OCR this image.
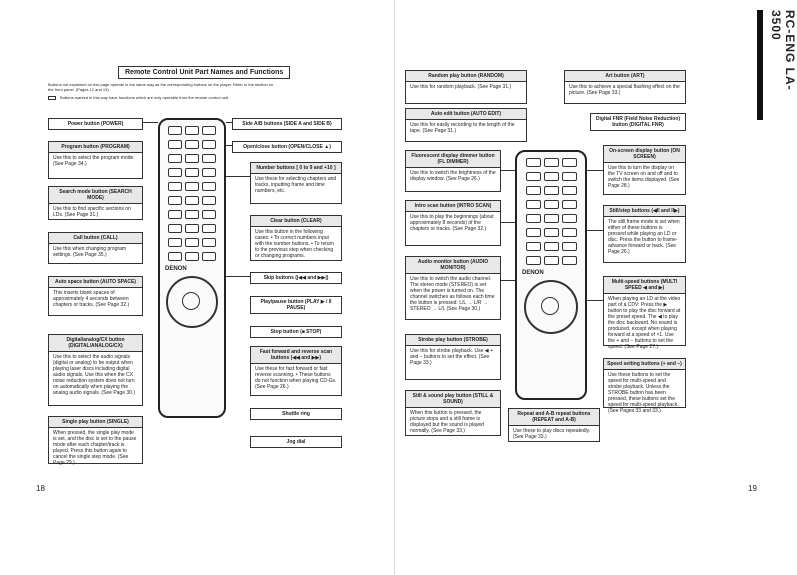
Remote Control Unit Part Names and Functions
Buttons not explained on this page operate in the same way as the corresponding buttons on the player. Refer to the section on the front panel. (Pages 12 and 13)
Buttons marked in this way have functions which are only operable from the remote control unit.
DENON
Power button (POWER)
Program button (PROGRAM)
Use this to select the program mode. (See Page 34.)
Search mode button (SEARCH MODE)
Use this to find specific sections on LDs. (See Page 31.)
Call button (CALL)
Use this when changing program settings. (See Page 35.)
Auto space button (AUTO SPACE)
This inserts blank spaces of approximately 4 seconds between chapters or tracks. (See Page 32.)
Digital/analog/CX button (DIGITAL/ANALOG/CX)
Use this to select the audio signals (digital or analog) to be output when playing laser discs including digital audio signals. Use this when the CX noise reduction system does not turn on automatically when playing the analog audio signals. (See Page 30.)
Single play button (SINGLE)
When pressed, the single play mode is set, and the disc is set to the pause mode after each chapter/track is played. Press this button again to cancel the single step mode. (See Page 29.)
Side A/B buttons (SIDE A and SIDE B)
Open/close button (OPEN/CLOSE ▲)
Number buttons [ 0 to 9 and +10 ]
Use these for selecting chapters and tracks, inputting frame and time numbers, etc.
Clear button (CLEAR)
Use this button in the following cases: • To correct numbers input with the number buttons. • To return to the previous step when checking or changing programs.
Skip buttons (|◀◀ and ▶▶|)
Play/pause button (PLAY ▶ / II PAUSE)
Stop button (■ STOP)
Fast forward and reverse scan buttons (◀◀ and ▶▶)
Use these for fast forward or fast reverse scanning. • These buttons do not function when playing CD-Gs. (See Page 26.)
Shuttle ring
Jog dial
18
Random play button (RANDOM)
Use this for random playback. (See Page 31.)
Art button (ART)
Use this to achieve a special flashing effect on the picture. (See Page 33.)
Auto edit button (AUTO EDIT)
Use this for easily recording to the length of the tape. (See Page 31.)
Digital FNR (Field Noise Reduction) button (DIGITAL FNR)
Fluorescent display dimmer button (FL DIMMER)
Use this to switch the brightness of the display window. (See Page 26.)
On-screen display button (ON SCREEN)
Use this to turn the display on the TV screen on and off and to switch the items displayed. (See Page 28.)
Intro scan button (INTRO SCAN)
Use this to play the beginnings (about approximately 8 seconds) of the chapters or tracks. (See Page 32.)
Still/step buttons (◀II and II▶)
The still frame mode is set when either of these buttons is pressed while playing an LD or disc. Press the button to frame-advance forward or back. (See Page 26.)
Audio monitor button (AUDIO MONITOR)
Use this to switch the audio channel. The stereo mode (STEREO) is set when the power is turned on. The channel switches as follows each time the button is pressed: L/L → L/R → STEREO → L/L (See Page 30.)
Multi-speed buttons (MULTI SPEED ◀ and ▶)
When playing an LD at the video part of a CDV: Press the ▶ button to play the disc forward at the preset speed. The ◀ to play the disc backward. No sound is produced, except when playing forward at a speed of ×1. Use the + and − buttons to set the speed. (See Page 27.)
Strobe play button (STROBE)
Use this for strobe playback. Use ◀ + and − buttons to set the effect. (See Page 33.)	Speed setting buttons (+ and −)
Use these buttons to set the speed for multi-speed and strobe playback. Unless the STROBE button has been pressed, these buttons set the speed for multi-speed playback. (See Pages 33 and 33.)
Still & sound play button (STILL & SOUND)
When this button is pressed, the picture stops and a still frame is displayed but the sound is played normally. (See Page 33.)
Repeat and A-B repeat buttons (REPEAT and A-B)
Use these to play discs repeatedly. (See Page 33.)
DENON
19
RC-ENG LA-3500
